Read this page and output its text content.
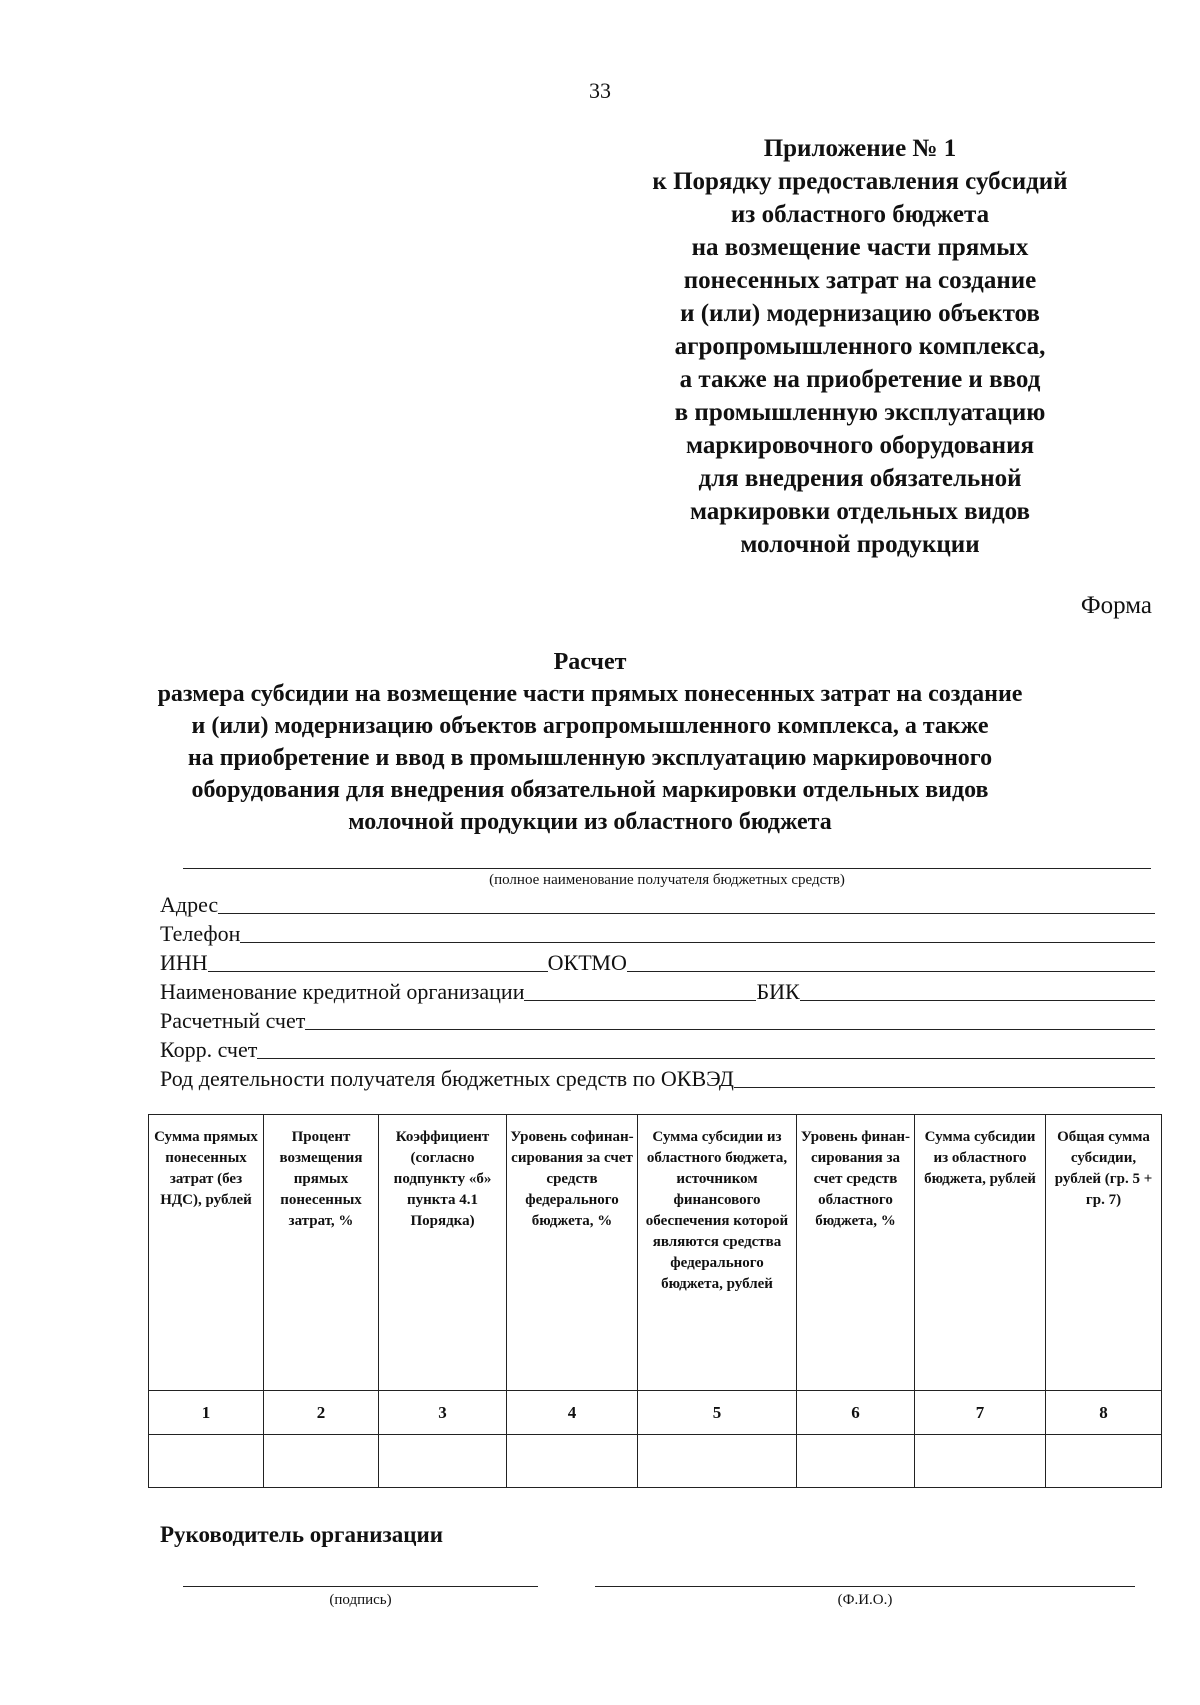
33
Приложение № 1
к Порядку предоставления субсидий
из областного бюджета
на возмещение части прямых
понесенных затрат на создание
и (или) модернизацию объектов
агропромышленного комплекса,
а также на приобретение и ввод
в промышленную эксплуатацию
маркировочного оборудования
для внедрения обязательной
маркировки отдельных видов
молочной продукции
Форма
Расчет
размера субсидии на возмещение части прямых понесенных затрат на создание
и (или) модернизацию объектов агропромышленного комплекса, а также
на приобретение и ввод в промышленную эксплуатацию маркировочного
оборудования для внедрения обязательной маркировки отдельных видов
молочной продукции из областного бюджета
(полное наименование получателя бюджетных средств)
Адрес
Телефон
ИНН	ОКТМО
Наименование кредитной организации	БИК
Расчетный счет
Корр. счет
Род деятельности получателя бюджетных средств по ОКВЭД
Сумма прямых понесенных затрат (без НДС), рублей	Процент возмещения прямых понесенных затрат, %	Коэффициент (согласно подпункту «б» пункта 4.1 Порядка)	Уровень софинан-сирования за счет средств федерального бюджета, %	Сумма субсидии из областного бюджета, источником финансового обеспечения которой являются средства федерального бюджета, рублей	Уровень финан-сирования за счет средств областного бюджета, %	Сумма субсидии из областного бюджета, рублей	Общая сумма субсидии, рублей (гр. 5 + гр. 7)
1	2	3	4	5	6	7	8

Руководитель организации
(подпись)	(Ф.И.О.)
